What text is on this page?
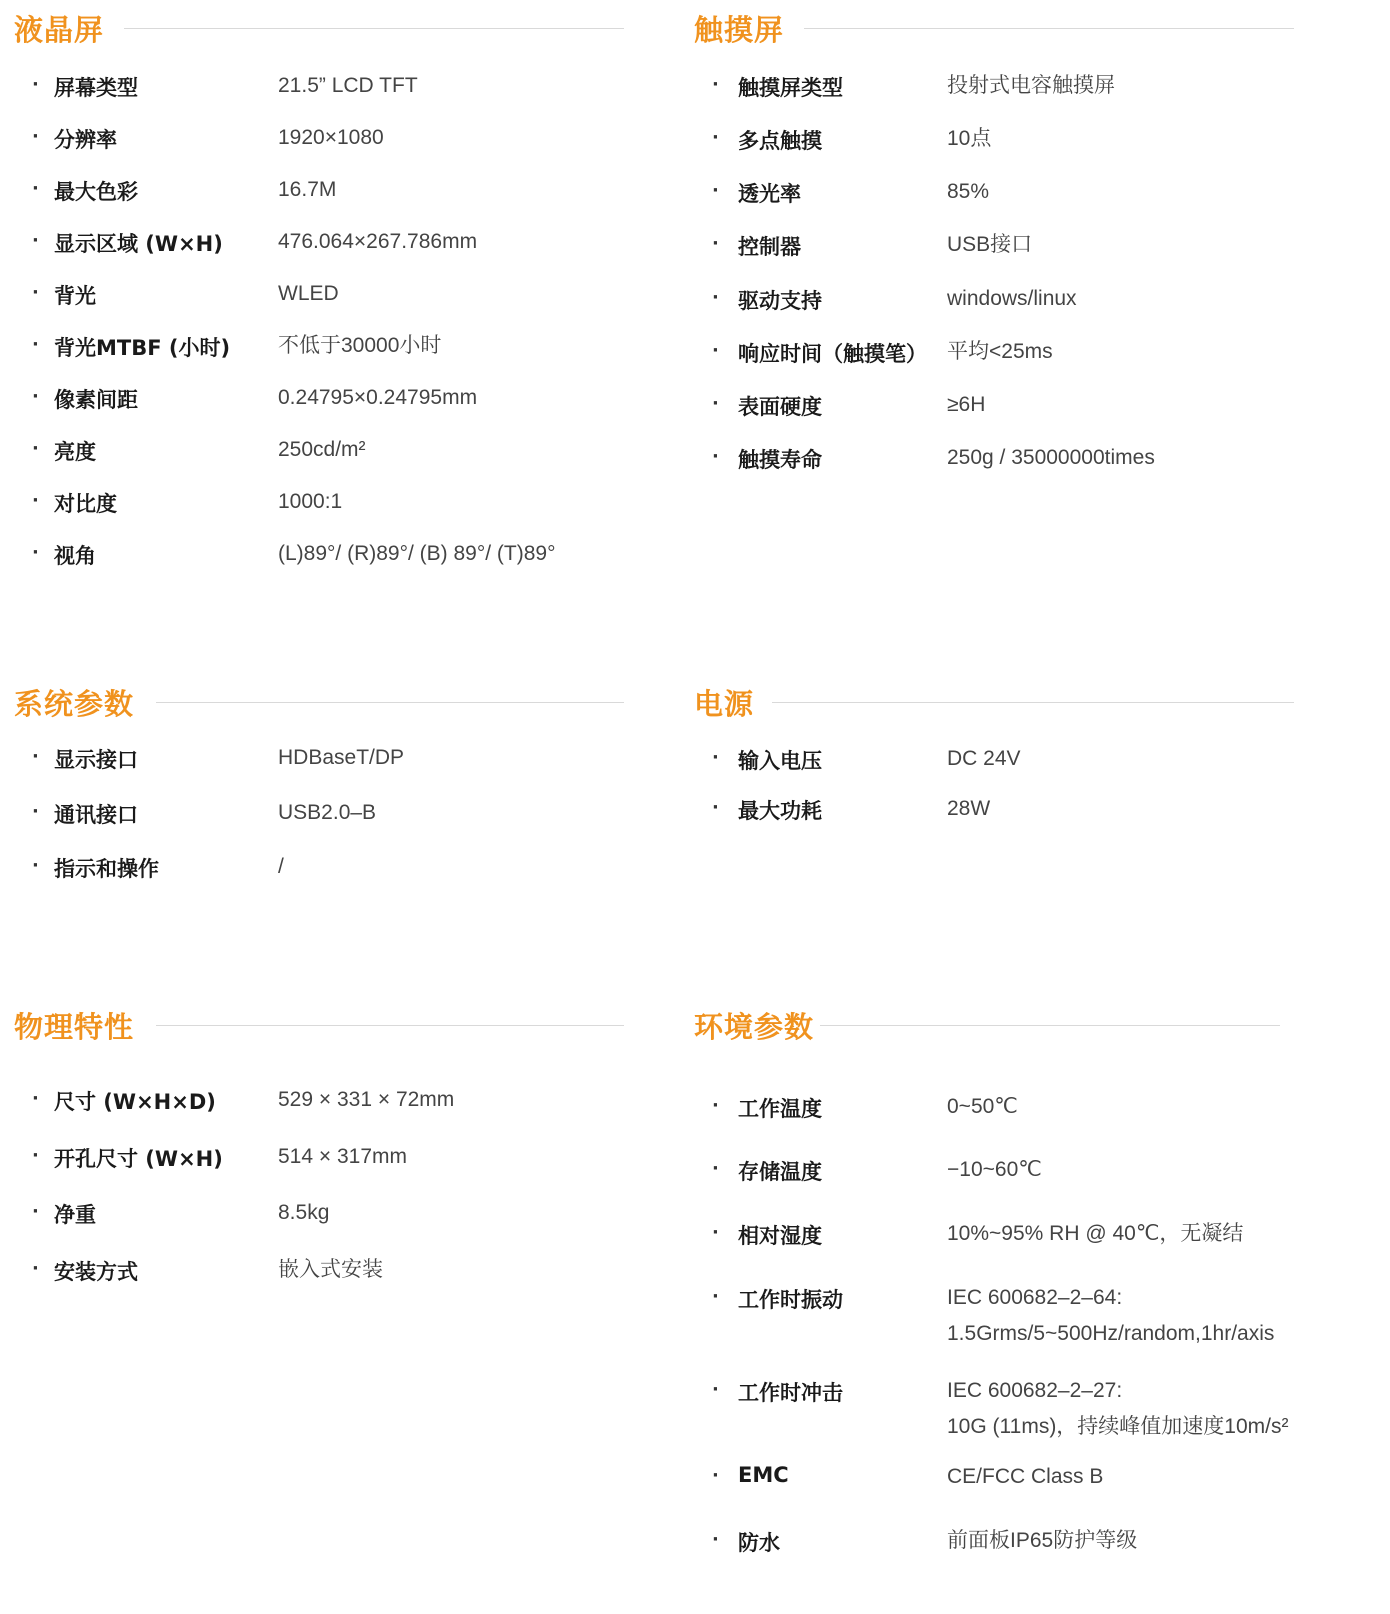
液晶屏
· 屏幕类型	21.5” LCD TFT
· 分辨率	1920×1080
· 最大色彩	16.7M
· 显示区域 (W×H)	476.064×267.786mm
· 背光	WLED
· 背光MTBF (小时) 不低于30000小时
· 像素间距	0.24795×0.24795mm
· 亮度	250cd/m²
· 对比度	1000:1
· 视角	(L)89°/ (R)89°/ (B) 89°/ (T)89°
触摸屏
· 触摸屏类型	投射式电容触摸屏
· 多点触摸	10点
· 透光率	85%
· 控制器	USB接口
· 驱动支持	windows/linux
· 响应时间（触摸笔） 平均<25ms
· 表面硬度	≥6H
· 触摸寿命	250g / 35000000times
系统参数
· 显示接口	HDBaseT/DP
· 通讯接口	USB2.0–B
· 指示和操作	/
电源
· 输入电压	DC 24V
· 最大功耗	28W
物理特性
· 尺寸 (W×H×D)	529 × 331 × 72mm
· 开孔尺寸 (W×H)	514 × 317mm
· 净重	8.5kg
· 安装方式	嵌入式安装
环境参数
· 工作温度	0~50℃
· 存储温度	−10~60℃
· 相对湿度	10%~95% RH @ 40℃，无凝结
· 工作时振动	IEC 600682–2–64:
1.5Grms/5~500Hz/random,1hr/axis
· 工作时冲击	IEC 600682–2–27:
10G (11ms)，持续峰值加速度10m/s²
· EMC	CE/FCC Class B
· 防水	前面板IP65防护等级
